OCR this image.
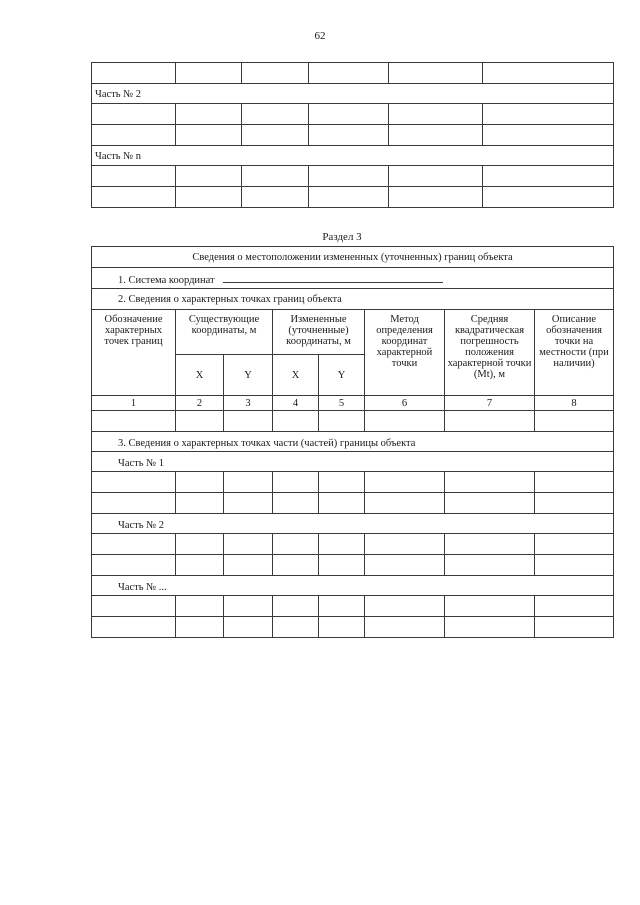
62

Часть № 2					

Часть № n					

Раздел 3
Сведения о местоположении измененных (уточненных) границ объекта							
1. Система координат							
2. Сведения о характерных точках границ объекта							
Обозначение характерных точек границ	Существующие координаты, м		Измененные (уточненные) координаты, м		Метод определения координат характерной точки	Средняя квадратическая погрешность положения характерной точки (Mt), м	Описание обозначения точки на местности (при наличии)
	X	Y	X	Y			
1	2	3	4	5	6	7	8

3. Сведения о характерных точках части (частей) границы объекта							
Часть № 1							

Часть № 2							

Часть № ...							
